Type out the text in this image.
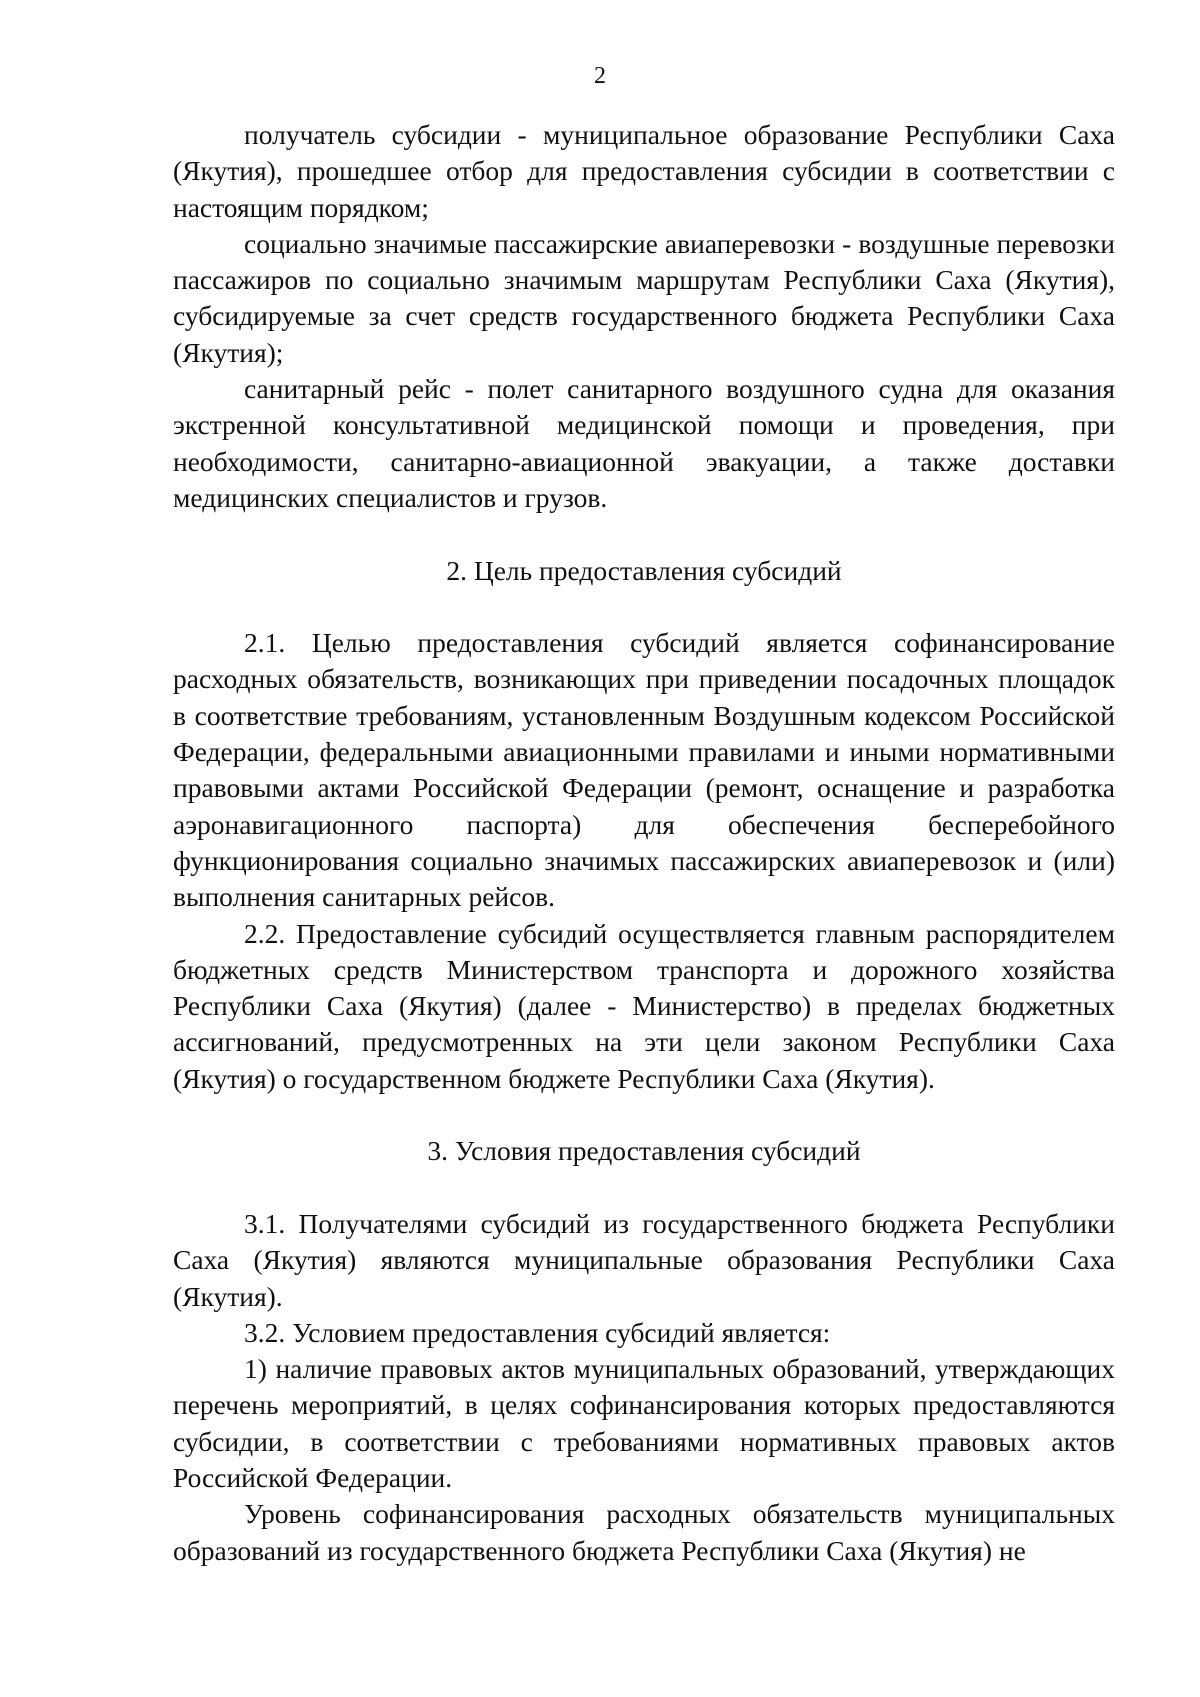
2

получатель субсидии - муниципальное образование Республики Саха (Якутия), прошедшее отбор для предоставления субсидии в соответствии с настоящим порядком;

социально значимые пассажирские авиаперевозки - воздушные перевозки пассажиров по социально значимым маршрутам Республики Саха (Якутия), субсидируемые за счет средств государственного бюджета Республики Саха (Якутия);

санитарный рейс - полет санитарного воздушного судна для оказания экстренной консультативной медицинской помощи и проведения, при необходимости, санитарно-авиационной эвакуации, а также доставки медицинских специалистов и грузов.

2. Цель предоставления субсидий

2.1. Целью предоставления субсидий является софинансирование расходных обязательств, возникающих при приведении посадочных площадок в соответствие требованиям, установленным Воздушным кодексом Российской Федерации, федеральными авиационными правилами и иными нормативными правовыми актами Российской Федерации (ремонт, оснащение и разработка аэронавигационного паспорта) для обеспечения бесперебойного функционирования социально значимых пассажирских авиаперевозок и (или) выполнения санитарных рейсов.

2.2. Предоставление субсидий осуществляется главным распорядителем бюджетных средств Министерством транспорта и дорожного хозяйства Республики Саха (Якутия) (далее - Министерство) в пределах бюджетных ассигнований, предусмотренных на эти цели законом Республики Саха (Якутия) о государственном бюджете Республики Саха (Якутия).

3. Условия предоставления субсидий

3.1. Получателями субсидий из государственного бюджета Республики Саха (Якутия) являются муниципальные образования Республики Саха (Якутия).

3.2. Условием предоставления субсидий является:

1) наличие правовых актов муниципальных образований, утверждающих перечень мероприятий, в целях софинансирования которых предоставляются субсидии, в соответствии с требованиями нормативных правовых актов Российской Федерации.

Уровень софинансирования расходных обязательств муниципальных образований из государственного бюджета Республики Саха (Якутия) не
